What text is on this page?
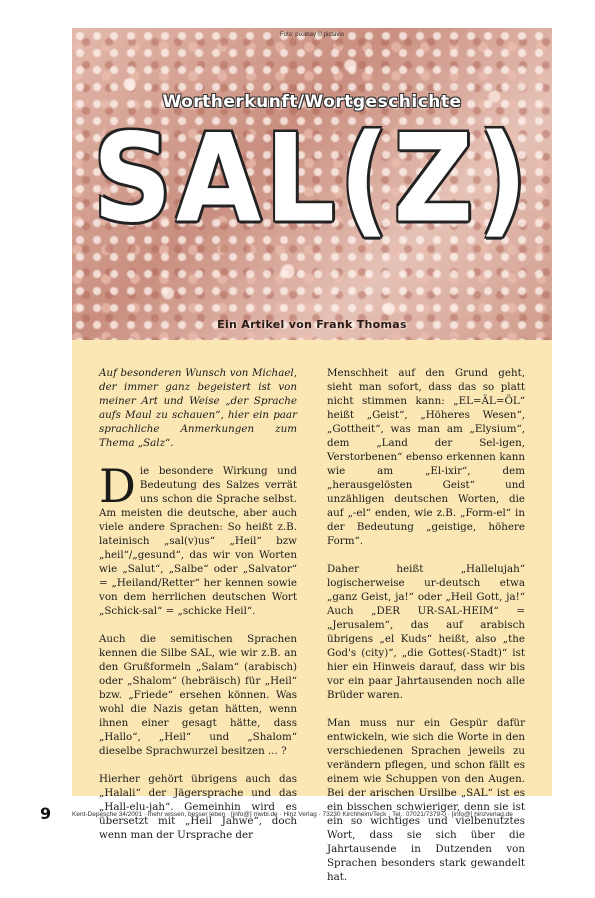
Foto: pixabay © pictavio
Wortherkunft/Wortgeschichte
SAL(Z)
Ein Artikel von Frank Thomas

Auf besonderen Wunsch von Michael, der immer ganz begeistert ist von meiner Art und Weise „der Sprache aufs Maul zu schauen“, hier ein paar sprachliche Anmerkungen zum Thema „Salz“.

Die besondere Wirkung und Bedeutung des Salzes verrät uns schon die Sprache selbst. Am meisten die deutsche, aber auch viele andere Sprachen: So heißt z.B. lateinisch „sal(v)us“ „Heil“ bzw „heil“/„gesund“, das wir von Worten wie „Salut“, „Salbe“ oder „Salvator“ = „Heiland/Retter“ her kennen sowie von dem herrlichen deutschen Wort „Schick-sal“ = „schicke Heil“.

Auch die semitischen Sprachen kennen die Silbe SAL, wie wir z.B. an den Grußformeln „Salam“ (arabisch) oder „Shalom“ (hebräisch) für „Heil“ bzw. „Friede“ ersehen können. Was wohl die Nazis getan hätten, wenn ihnen einer gesagt hätte, dass „Hallo“, „Heil“ und „Shalom“ dieselbe Sprachwurzel besitzen ... ?

Hierher gehört übrigens auch das „Halali“ der Jägersprache und das „Hall-elu-jah“. Gemeinhin wird es übersetzt mit „Heil Jahwe“, doch wenn man der Ursprache der

Menschheit auf den Grund geht, sieht man sofort, dass das so platt nicht stimmen kann: „EL=ÄL=ÖL“ heißt „Geist“, „Höheres Wesen“, „Gottheit“, was man am „Elysium“, dem „Land der Sel-igen, Verstorbenen“ ebenso erkennen kann wie am „El-ixir“, dem „herausgelösten Geist“ und unzähligen deutschen Worten, die auf „-el“ enden, wie z.B. „Form-el“ in der Bedeutung „geistige, höhere Form“.

Daher heißt „Hallelujah“ logischerweise ur-deutsch etwa „ganz Geist, ja!“ oder „Heil Gott, ja!“ Auch „DER UR-SAL-HEIM“ = „Jerusalem“, das auf arabisch übrigens „el Kuds“ heißt, also „the God's (city)“, „die Gottes(-Stadt)“ ist hier ein Hinweis darauf, dass wir bis vor ein paar Jahrtausenden noch alle Brüder waren.

Man muss nur ein Gespür dafür entwickeln, wie sich die Worte in den verschiedenen Sprachen jeweils zu verändern pflegen, und schon fällt es einem wie Schuppen von den Augen. Bei der arischen Ursilbe „SAL“ ist es ein bisschen schwieriger, denn sie ist ein so wichtiges und vielbenutztes Wort, dass sie sich über die Jahrtausende in Dutzenden von Sprachen besonders stark gewandelt hat.

9	Kent-Depesche 34/2001 · mehr wissen, besser leben · [info@] mwbl.de · Hinz Verlag · 73230 Kirchheim/Teck · Tel.: 07021/7379-0 · [info@] hinzverlag.de
